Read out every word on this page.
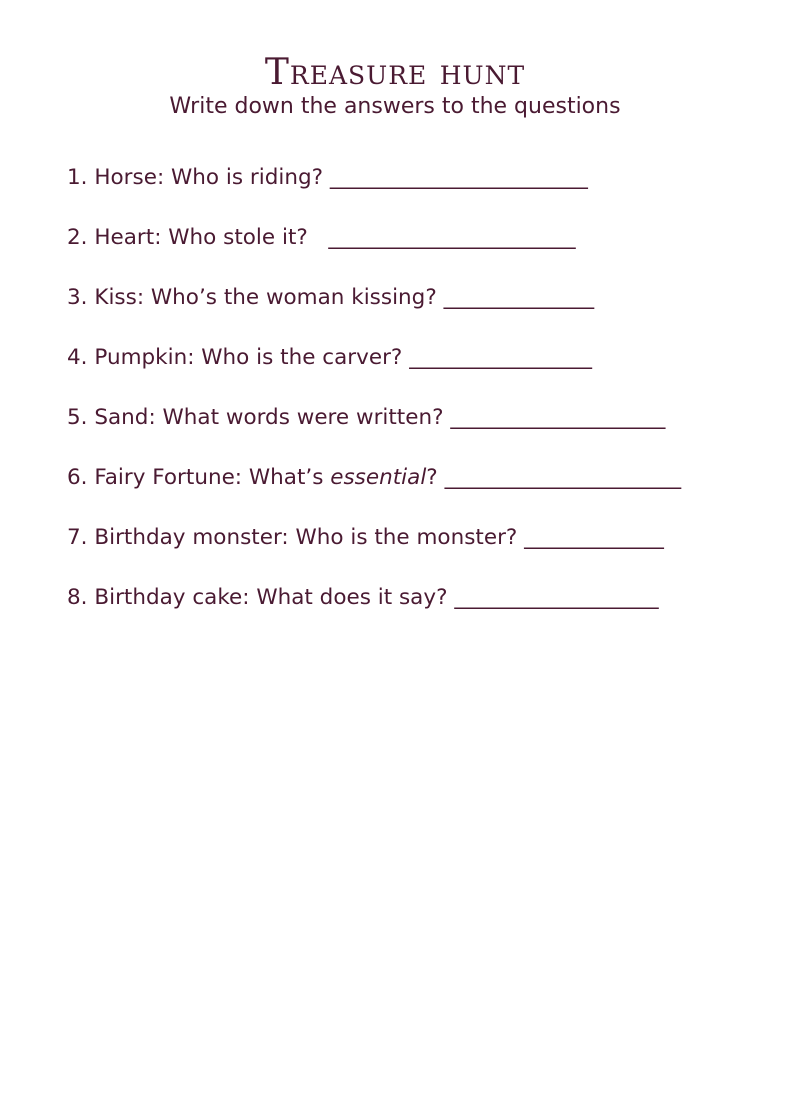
Treasure hunt
Write down the answers to the questions
1. Horse: Who is riding? ________________________
2. Heart: Who stole it? _______________________
3. Kiss: Who’s the woman kissing? ______________
4. Pumpkin: Who is the carver? _________________
5. Sand: What words were written? ____________________
6. Fairy Fortune: What’s essential? ______________________
7. Birthday monster: Who is the monster? _____________
8. Birthday cake: What does it say? ___________________
